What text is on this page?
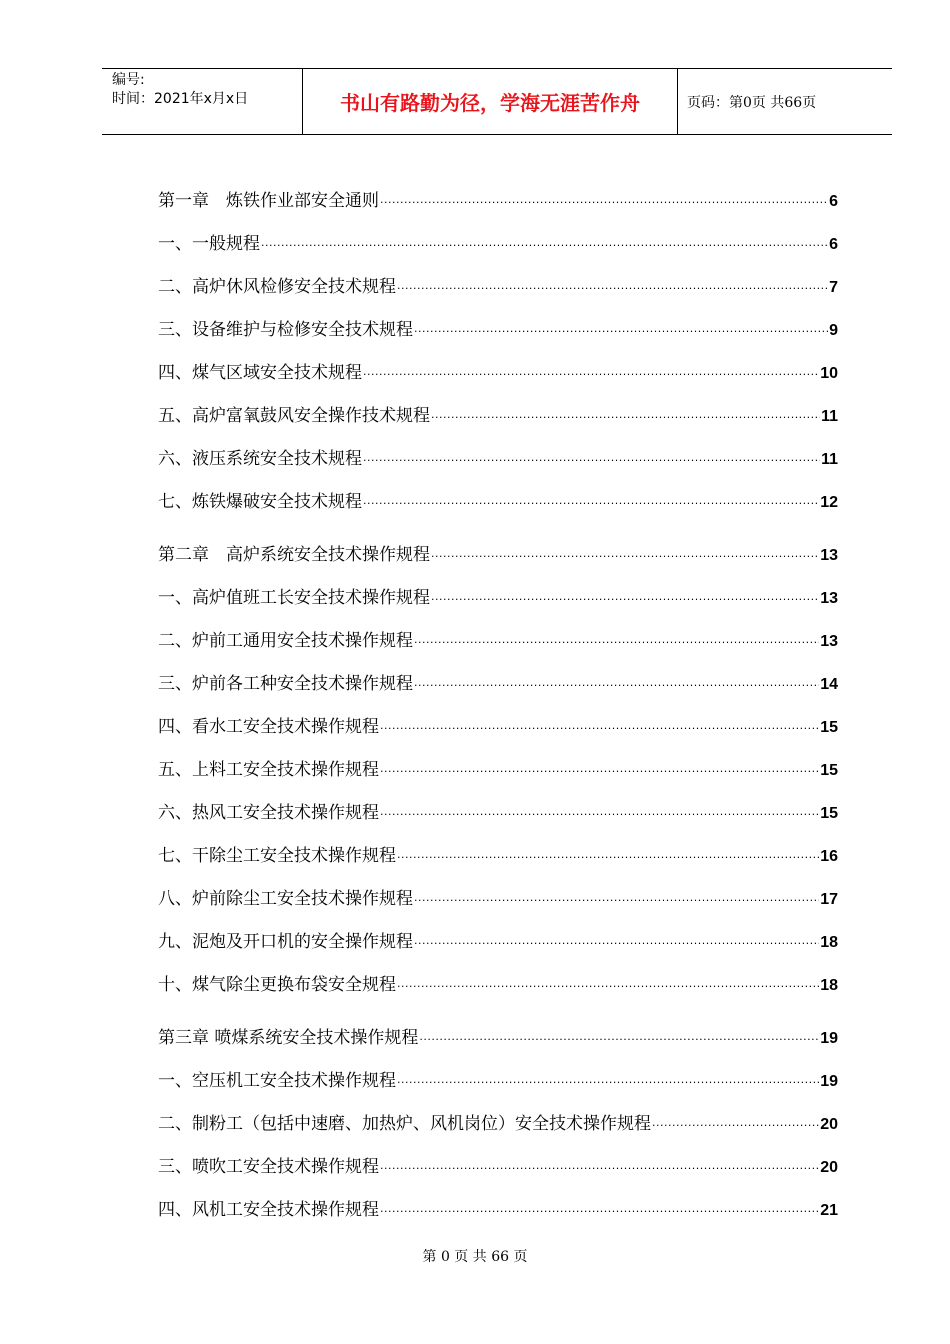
编号:
时间：2021年x月x日	书山有路勤为径，学海无涯苦作舟	页码：第0页 共66页
第一章　炼铁作业部安全通则 ·····	6
一、一般规程 ·····	6
二、高炉休风检修安全技术规程 ·····	7
三、设备维护与检修安全技术规程 ·····	9
四、煤气区域安全技术规程 ·····	10
五、高炉富氧鼓风安全操作技术规程 ·····	11
六、液压系统安全技术规程 ·····	11
七、炼铁爆破安全技术规程 ·····	12
第二章　高炉系统安全技术操作规程 ·····	13
一、高炉值班工长安全技术操作规程 ·····	13
二、炉前工通用安全技术操作规程 ·····	13
三、炉前各工种安全技术操作规程 ·····	14
四、看水工安全技术操作规程 ·····	15
五、上料工安全技术操作规程 ·····	15
六、热风工安全技术操作规程 ·····	15
七、干除尘工安全技术操作规程 ·····	16
八、炉前除尘工安全技术操作规程 ·····	17
九、泥炮及开口机的安全操作规程 ·····	18
十、煤气除尘更换布袋安全规程 ·····	18
第三章 喷煤系统安全技术操作规程 ·····	19
一、空压机工安全技术操作规程 ·····	19
二、制粉工（包括中速磨、加热炉、风机岗位）安全技术操作规程 ·····	20
三、喷吹工安全技术操作规程 ·····	20
四、风机工安全技术操作规程 ·····	21
第 0 页 共 66 页
